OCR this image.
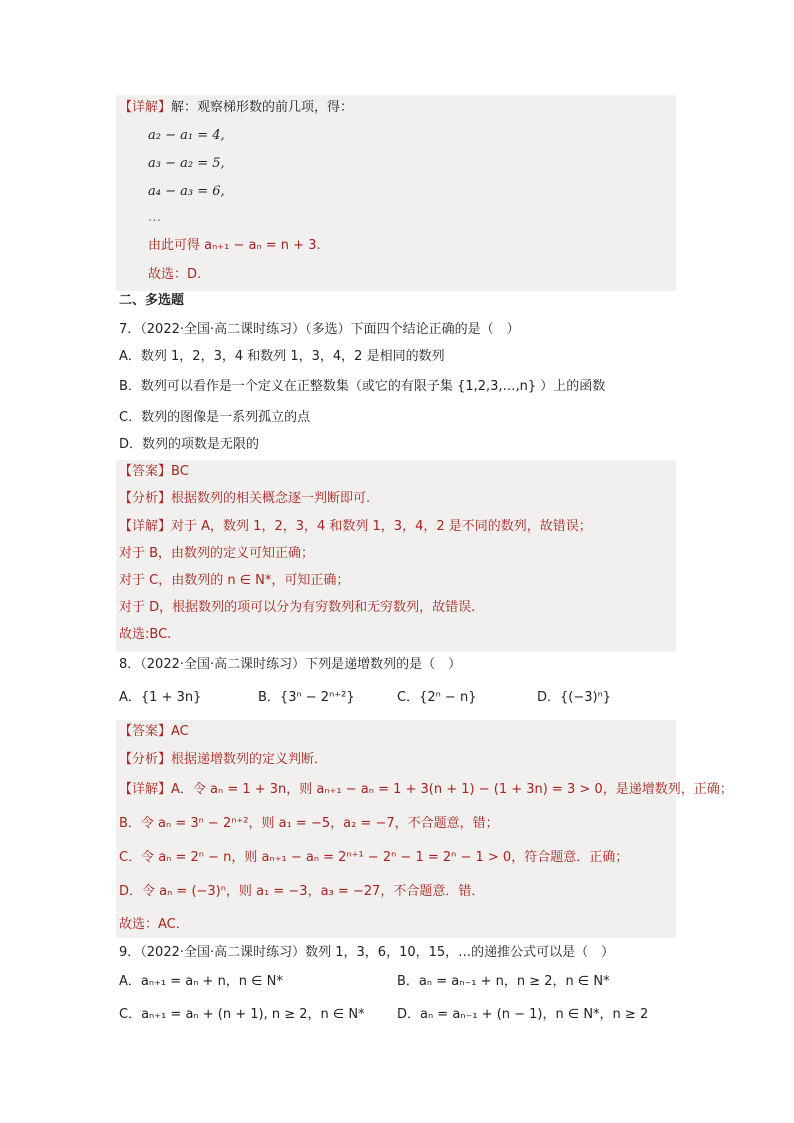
【详解】解：观察梯形数的前几项，得：
a₂ − a₁ = 4,
a₃ − a₂ = 5,
a₄ − a₃ = 6,
…
由此可得 aₙ₊₁ − aₙ = n + 3.
故选：D.
二、多选题
7．（2022·全国·高二课时练习）（多选）下面四个结论正确的是（　）
A．数列 1，2，3，4 和数列 1，3，4，2 是相同的数列
B．数列可以看作是一个定义在正整数集（或它的有限子集 {1,2,3,…,n} ）上的函数
C．数列的图像是一系列孤立的点
D．数列的项数是无限的
【答案】BC
【分析】根据数列的相关概念逐一判断即可.
【详解】对于 A，数列 1，2，3，4 和数列 1，3，4，2 是不同的数列，故错误；
对于 B，由数列的定义可知正确；
对于 C，由数列的 n ∈ N*，可知正确；
对于 D，根据数列的项可以分为有穷数列和无穷数列，故错误.
故选:BC.
8．（2022·全国·高二课时练习）下列是递增数列的是（　）
A．{1 + 3n}	B．{3ⁿ − 2ⁿ⁺²}	C．{2ⁿ − n}	D．{(−3)ⁿ}
【答案】AC
【分析】根据递增数列的定义判断．
【详解】A．令 aₙ = 1 + 3n，则 aₙ₊₁ − aₙ = 1 + 3(n + 1) − (1 + 3n) = 3 > 0，是递增数列，正确；
B．令 aₙ = 3ⁿ − 2ⁿ⁺²，则 a₁ = −5，a₂ = −7，不合题意，错；
C．令 aₙ = 2ⁿ − n，则 aₙ₊₁ − aₙ = 2ⁿ⁺¹ − 2ⁿ − 1 = 2ⁿ − 1 > 0，符合题意．正确；
D．令 aₙ = (−3)ⁿ，则 a₁ = −3，a₃ = −27，不合题意．错．
故选：AC．
9．（2022·全国·高二课时练习）数列 1，3，6，10，15，…的递推公式可以是（　）
A．aₙ₊₁ = aₙ + n，n ∈ N*	B．aₙ = aₙ₋₁ + n，n ≥ 2，n ∈ N*
C．aₙ₊₁ = aₙ + (n + 1), n ≥ 2，n ∈ N* D．aₙ = aₙ₋₁ + (n − 1)，n ∈ N*，n ≥ 2
